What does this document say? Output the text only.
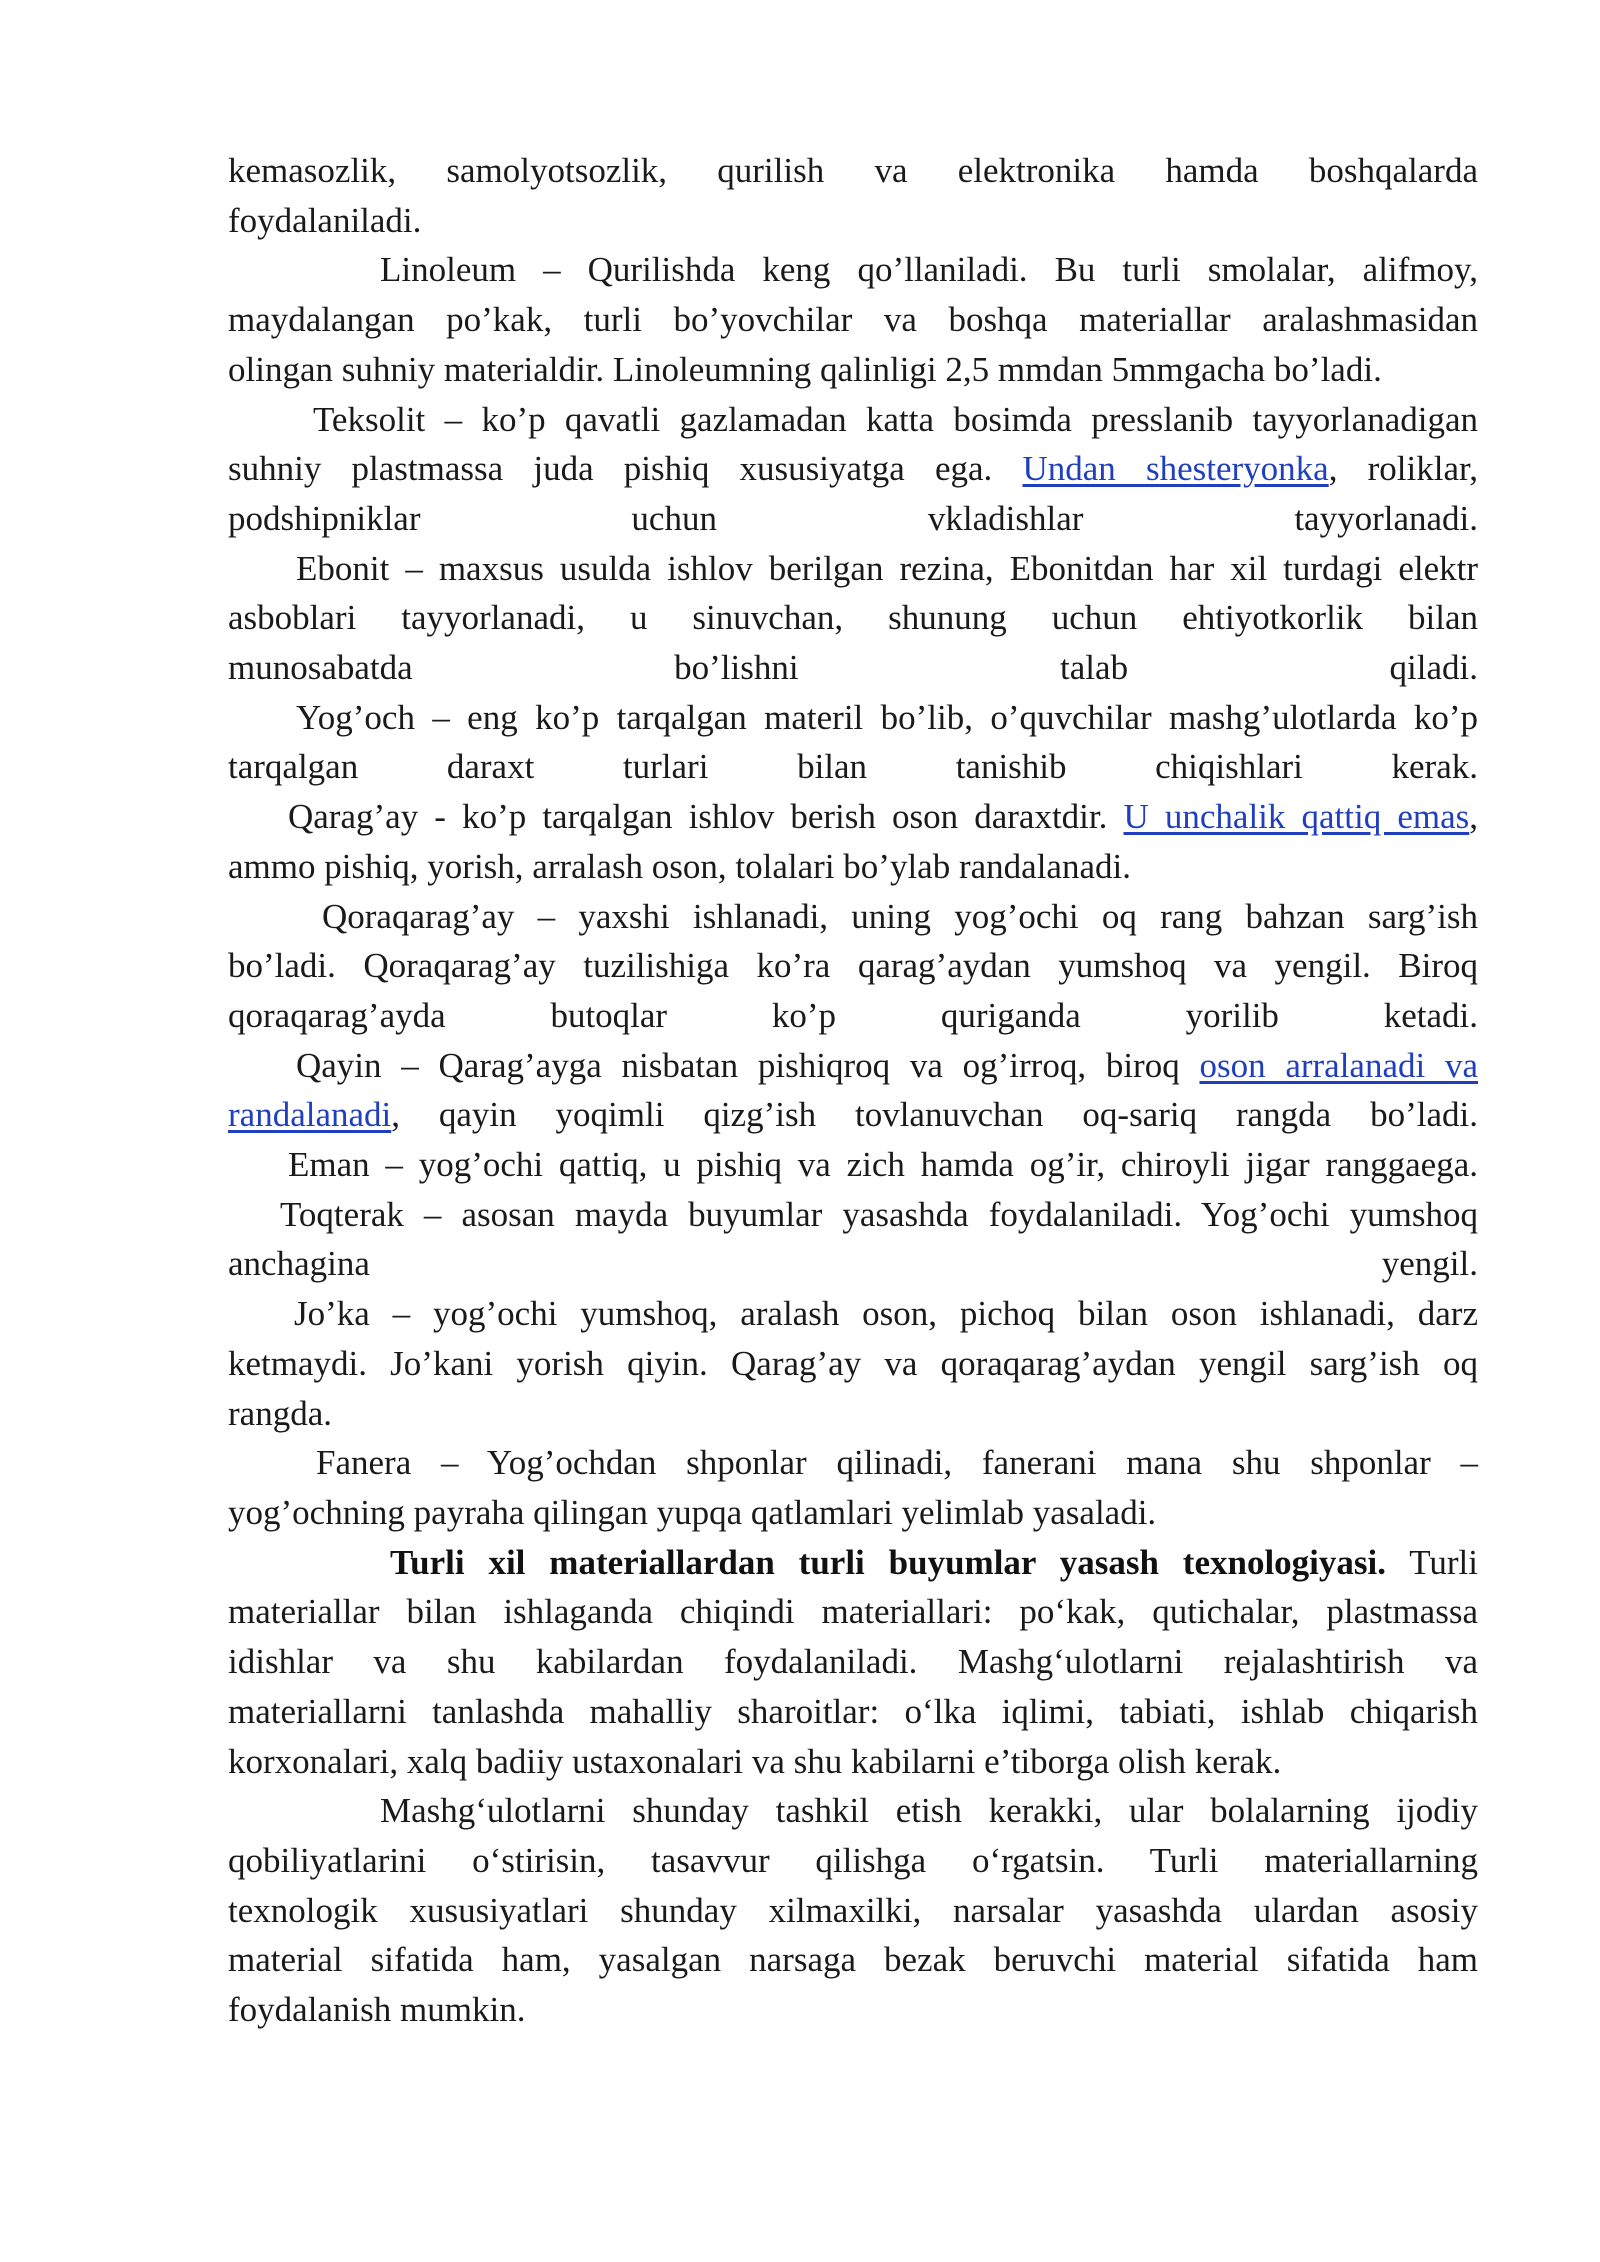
kemasozlik, samolyotsozlik, qurilish va elektronika hamda boshqalarda
foydalaniladi.
Linoleum – Qurilishda keng qo’llaniladi. Bu turli smolalar, alifmoy,
maydalangan po’kak, turli bo’yovchilar va boshqa materiallar aralashmasidan
olingan suhniy materialdir. Linoleumning qalinligi 2,5 mmdan 5mmgacha bo’ladi.
Teksolit – ko’p qavatli gazlamadan katta bosimda presslanib tayyorlanadigan
suhniy plastmassa juda pishiq xususiyatga ega. Undan shesteryonka, roliklar,
podshipniklar uchun vkladishlar tayyorlanadi.
Ebonit – maxsus usulda ishlov berilgan rezina, Ebonitdan har xil turdagi elektr
asboblari tayyorlanadi, u sinuvchan, shunung uchun ehtiyotkorlik bilan
munosabatda bo’lishni talab qiladi.
Yog’och – eng ko’p tarqalgan materil bo’lib, o’quvchilar mashg’ulotlarda ko’p
tarqalgan daraxt turlari bilan tanishib chiqishlari kerak.
Qarag’ay - ko’p tarqalgan ishlov berish oson daraxtdir. U unchalik qattiq emas,
ammo pishiq, yorish, arralash oson, tolalari bo’ylab randalanadi.
Qoraqarag’ay – yaxshi ishlanadi, uning yog’ochi oq rang bahzan sarg’ish
bo’ladi. Qoraqarag’ay tuzilishiga ko’ra qarag’aydan yumshoq va yengil. Biroq
qoraqarag’ayda butoqlar ko’p quriganda yorilib ketadi.
Qayin – Qarag’ayga nisbatan pishiqroq va og’irroq, biroq oson arralanadi va
randalanadi, qayin yoqimli qizg’ish tovlanuvchan oq-sariq rangda bo’ladi.
Eman – yog’ochi qattiq, u pishiq va zich hamda og’ir, chiroyli jigar ranggaega.
Toqterak – asosan mayda buyumlar yasashda foydalaniladi. Yog’ochi yumshoq
anchagina yengil.
Jo’ka – yog’ochi yumshoq, aralash oson, pichoq bilan oson ishlanadi, darz
ketmaydi. Jo’kani yorish qiyin. Qarag’ay va qoraqarag’aydan yengil sarg’ish oq
rangda.
Fanera – Yog’ochdan shponlar qilinadi, fanerani mana shu shponlar –
yog’ochning payraha qilingan yupqa qatlamlari yelimlab yasaladi.
Turli xil materiallardan turli buyumlar yasash texnologiyasi. Turli
materiallar bilan ishlaganda chiqindi materiallari: po‘kak, qutichalar, plastmassa
idishlar va shu kabilardan foydalaniladi. Mashg‘ulotlarni rejalashtirish va
materiallarni tanlashda mahalliy sharoitlar: o‘lka iqlimi, tabiati, ishlab chiqarish
korxonalari, xalq badiiy ustaxonalari va shu kabilarni e’tiborga olish kerak.
Mashg‘ulotlarni shunday tashkil etish kerakki, ular bolalarning ijodiy
qobiliyatlarini o‘stirisin, tasavvur qilishga o‘rgatsin. Turli materiallarning
texnologik xususiyatlari shunday xilmaxilki, narsalar yasashda ulardan asosiy
material sifatida ham, yasalgan narsaga bezak beruvchi material sifatida ham
foydalanish mumkin.
